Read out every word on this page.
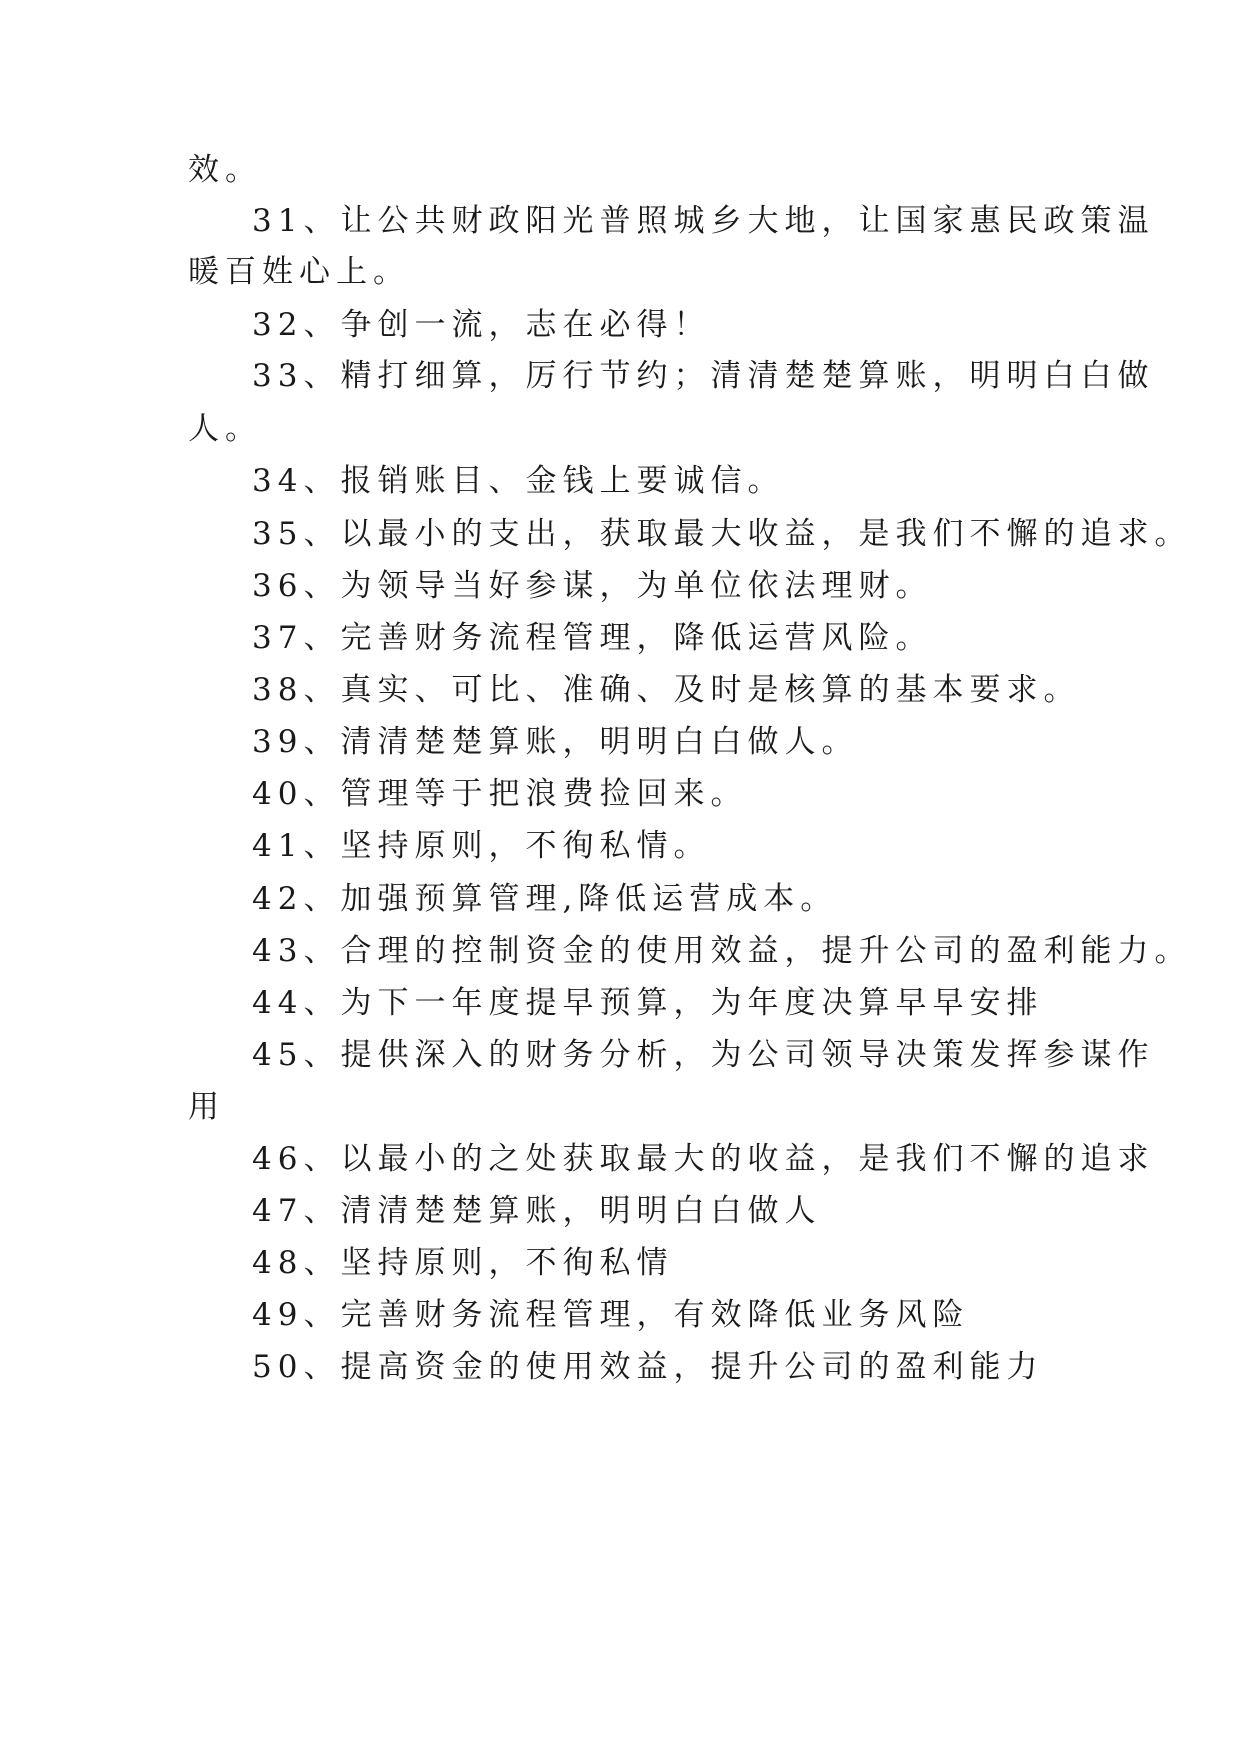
效。
31、让公共财政阳光普照城乡大地，让国家惠民政策温
暖百姓心上。
32、争创一流，志在必得！
33、精打细算，厉行节约；清清楚楚算账，明明白白做
人。
34、报销账目、金钱上要诚信。
35、以最小的支出，获取最大收益，是我们不懈的追求。
36、为领导当好参谋，为单位依法理财。
37、完善财务流程管理，降低运营风险。
38、真实、可比、准确、及时是核算的基本要求。
39、清清楚楚算账，明明白白做人。
40、管理等于把浪费捡回来。
41、坚持原则，不徇私情。
42、加强预算管理,降低运营成本。
43、合理的控制资金的使用效益，提升公司的盈利能力。
44、为下一年度提早预算，为年度决算早早安排
45、提供深入的财务分析，为公司领导决策发挥参谋作
用
46、以最小的之处获取最大的收益，是我们不懈的追求
47、清清楚楚算账，明明白白做人
48、坚持原则，不徇私情
49、完善财务流程管理，有效降低业务风险
50、提高资金的使用效益，提升公司的盈利能力
